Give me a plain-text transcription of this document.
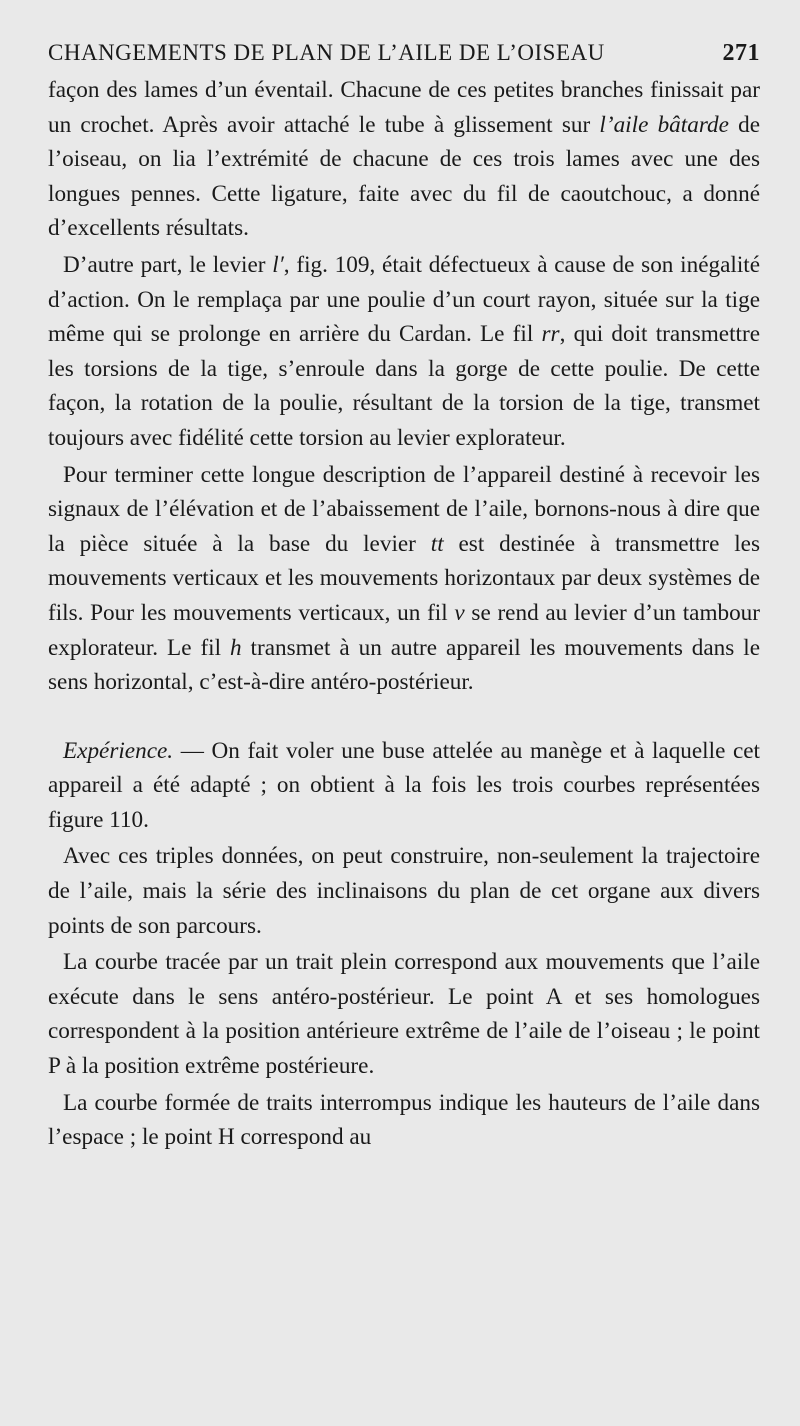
CHANGEMENTS DE PLAN DE L’AILE DE L’OISEAU	271

façon des lames d’un éventail. Chacune de ces petites branches finissait par un crochet. Après avoir attaché le tube à glissement sur l’aile bâtarde de l’oiseau, on lia l’extrémité de chacune de ces trois lames avec une des longues pennes. Cette ligature, faite avec du fil de caoutchouc, a donné d’excellents résultats.

D’autre part, le levier l′, fig. 109, était défectueux à cause de son inégalité d’action. On le remplaça par une poulie d’un court rayon, située sur la tige même qui se prolonge en arrière du Cardan. Le fil rr, qui doit transmettre les torsions de la tige, s’enroule dans la gorge de cette poulie. De cette façon, la rotation de la poulie, résultant de la torsion de la tige, transmet toujours avec fidélité cette torsion au levier explorateur.

Pour terminer cette longue description de l’appareil destiné à recevoir les signaux de l’élévation et de l’abaissement de l’aile, bornons-nous à dire que la pièce située à la base du levier tt est destinée à transmettre les mouvements verticaux et les mouvements horizontaux par deux systèmes de fils. Pour les mouvements verticaux, un fil v se rend au levier d’un tambour explorateur. Le fil h transmet à un autre appareil les mouvements dans le sens horizontal, c’est-à-dire antéro-postérieur.

Expérience. — On fait voler une buse attelée au manège et à laquelle cet appareil a été adapté ; on obtient à la fois les trois courbes représentées figure 110.

Avec ces triples données, on peut construire, non-seulement la trajectoire de l’aile, mais la série des inclinaisons du plan de cet organe aux divers points de son parcours.

La courbe tracée par un trait plein correspond aux mouvements que l’aile exécute dans le sens antéro-postérieur. Le point A et ses homologues correspondent à la position antérieure extrême de l’aile de l’oiseau ; le point P à la position extrême postérieure.

La courbe formée de traits interrompus indique les hauteurs de l’aile dans l’espace ; le point H correspond au
